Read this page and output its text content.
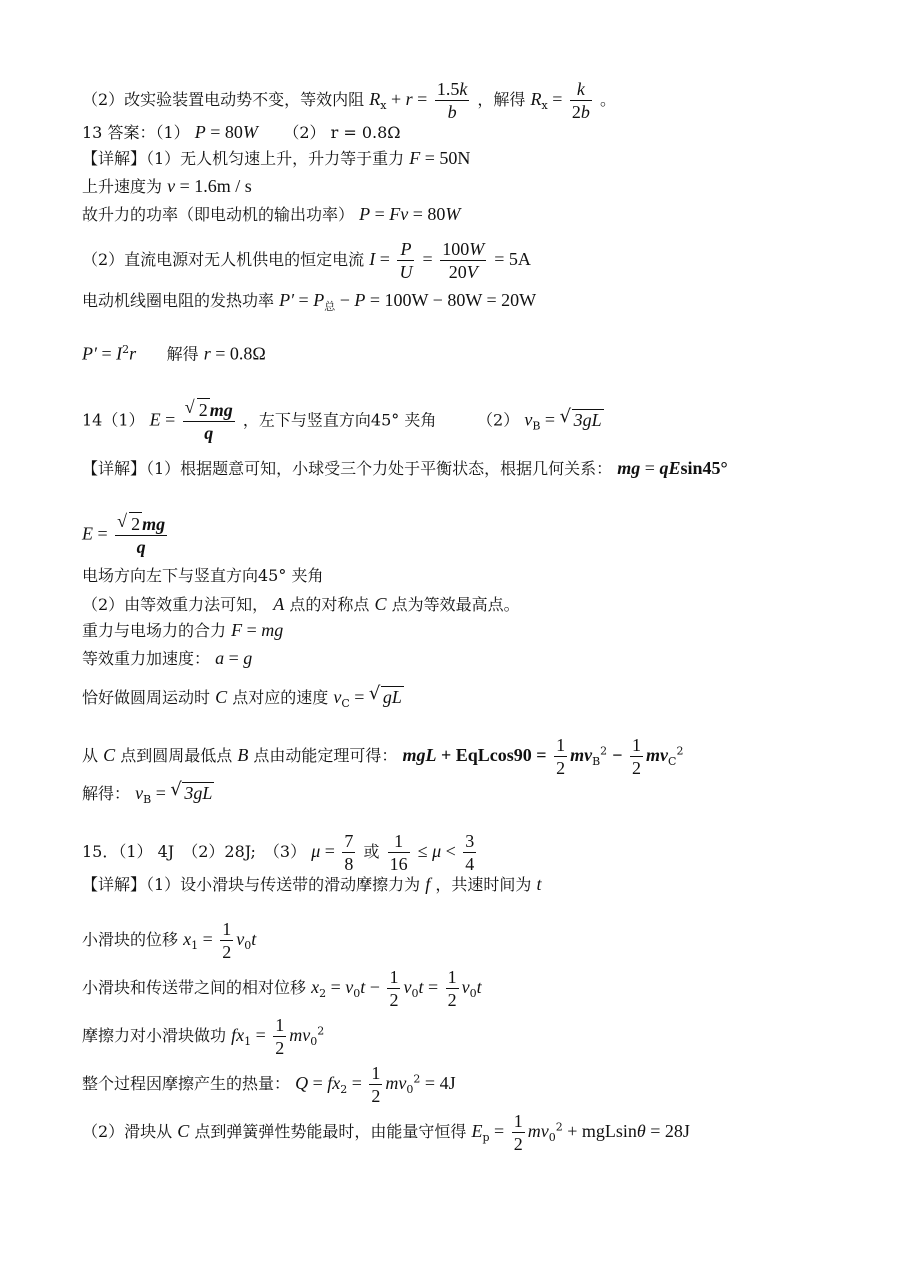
（2）改实验装置电动势不变，等效内阻 $R_x + r = \frac{1.5k}{b}$ ，解得 $R_x = \frac{k}{2b}$ 。
13 答案：（1） P = 80W （2） r = 0.8Ω
【详解】（1）无人机匀速上升，升力等于重力 F = 50N
上升速度为 v = 1.6m / s
故升力的功率（即电动机的输出功率） P = Fv = 80W
（2）直流电源对无人机供电的恒定电流 $I = \frac{P}{U} = \frac{100W}{20V} = 5A$
电动机线圈电阻的发热功率 $P' = P_总 - P = 100W - 80W = 20W$
$P' = I^2r$ 解得 r = 0.8Ω
14（1） E = √ $\frac{2 mg}{q}$ ，左下与竖直方向45° 夹角	（2） $v_B$ = √ 3gL
【详解】（1）根据题意可知，小球受三个力处于平衡状态，根据几何关系： mg = qEsin45°
E = √ $\frac{2 mg}{q}$
电场方向左下与竖直方向45° 夹角
（2）由等效重力法可知， A 点的对称点 C 点为等效最高点。
重力与电场力的合力 F = mg
等效重力加速度： a = g
恰好做圆周运动时 C 点对应的速度 $v_C$ = √ gL
从 C 点到圆周最低点 B 点由动能定理可得： mgL + $EqLcos90 = \frac{1}{2} mv_B^2 - \frac{1}{2} mv_C^2$
解得： $v_B$ = √ 3gL
15．（1） 4J　（2）28J;　（3） $\mu = \frac{7}{8}$ 或 $\frac{1}{16} \le \mu < \frac{3}{4}$
【详解】（1）设小滑块与传送带的滑动摩擦力为 f ，共速时间为 t
小滑块的位移 $x_1 = \frac{1}{2} v_0t$
小滑块和传送带之间的相对位移 $x_2 = v_0t - \frac{1}{2} v_0t = \frac{1}{2} v_0t$
摩擦力对小滑块做功 $fx_1 = \frac{1}{2} mv_0^2$
整个过程因摩擦产生的热量： $Q = fx_2 = \frac{1}{2} mv_0^2 = 4J$
（2）滑块从 C 点到弹簧弹性势能最时，由能量守恒得 $E_p = \frac{1}{2} mv_0^2 + mgLsin\theta = 28J$
